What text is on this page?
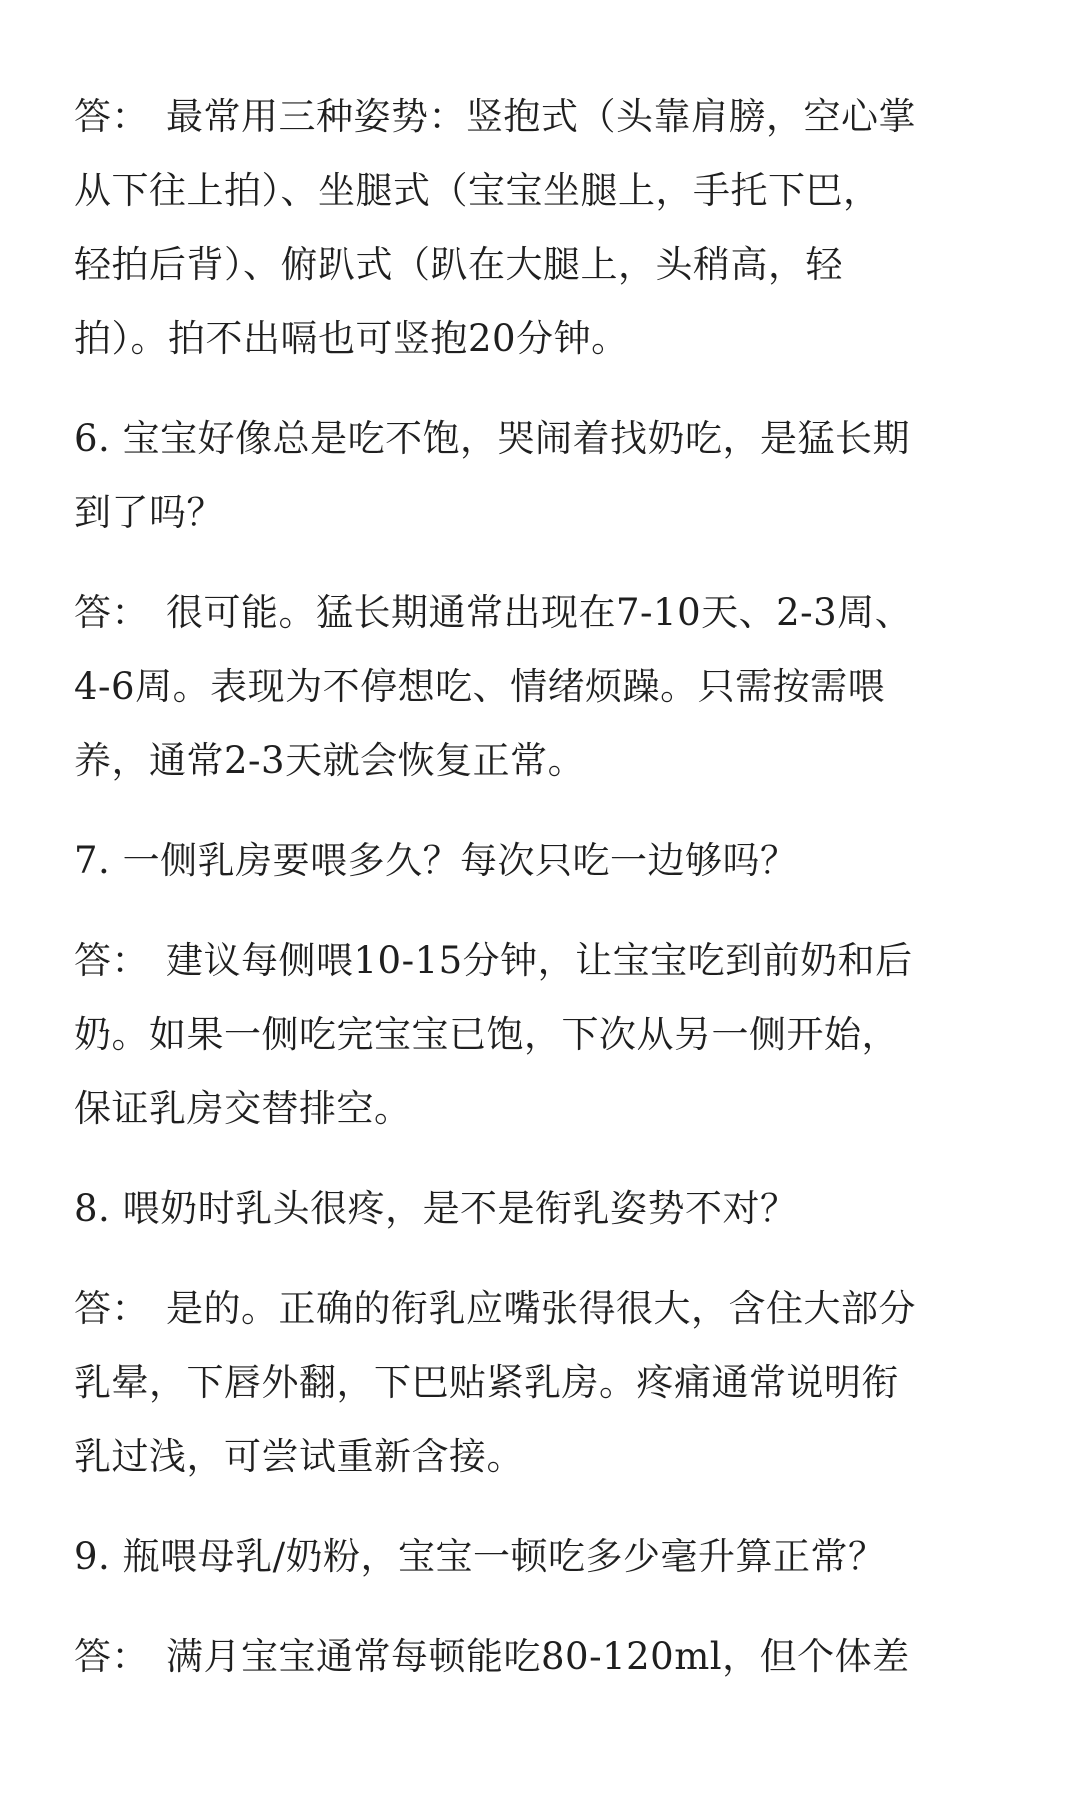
答： 最常用三种姿势：竖抱式（头靠肩膀，空心掌
从下往上拍）、坐腿式（宝宝坐腿上，手托下巴，
轻拍后背）、俯趴式（趴在大腿上，头稍高，轻
拍）。拍不出嗝也可竖抱20分钟。

6. 宝宝好像总是吃不饱，哭闹着找奶吃，是猛长期
到了吗？

答： 很可能。猛长期通常出现在7-10天、2-3周、
4-6周。表现为不停想吃、情绪烦躁。只需按需喂
养，通常2-3天就会恢复正常。

7. 一侧乳房要喂多久？每次只吃一边够吗？

答： 建议每侧喂10-15分钟，让宝宝吃到前奶和后
奶。如果一侧吃完宝宝已饱，下次从另一侧开始，
保证乳房交替排空。

8. 喂奶时乳头很疼，是不是衔乳姿势不对？

答： 是的。正确的衔乳应嘴张得很大，含住大部分
乳晕，下唇外翻，下巴贴紧乳房。疼痛通常说明衔
乳过浅，可尝试重新含接。

9. 瓶喂母乳/奶粉，宝宝一顿吃多少毫升算正常？

答： 满月宝宝通常每顿能吃80-120ml，但个体差
